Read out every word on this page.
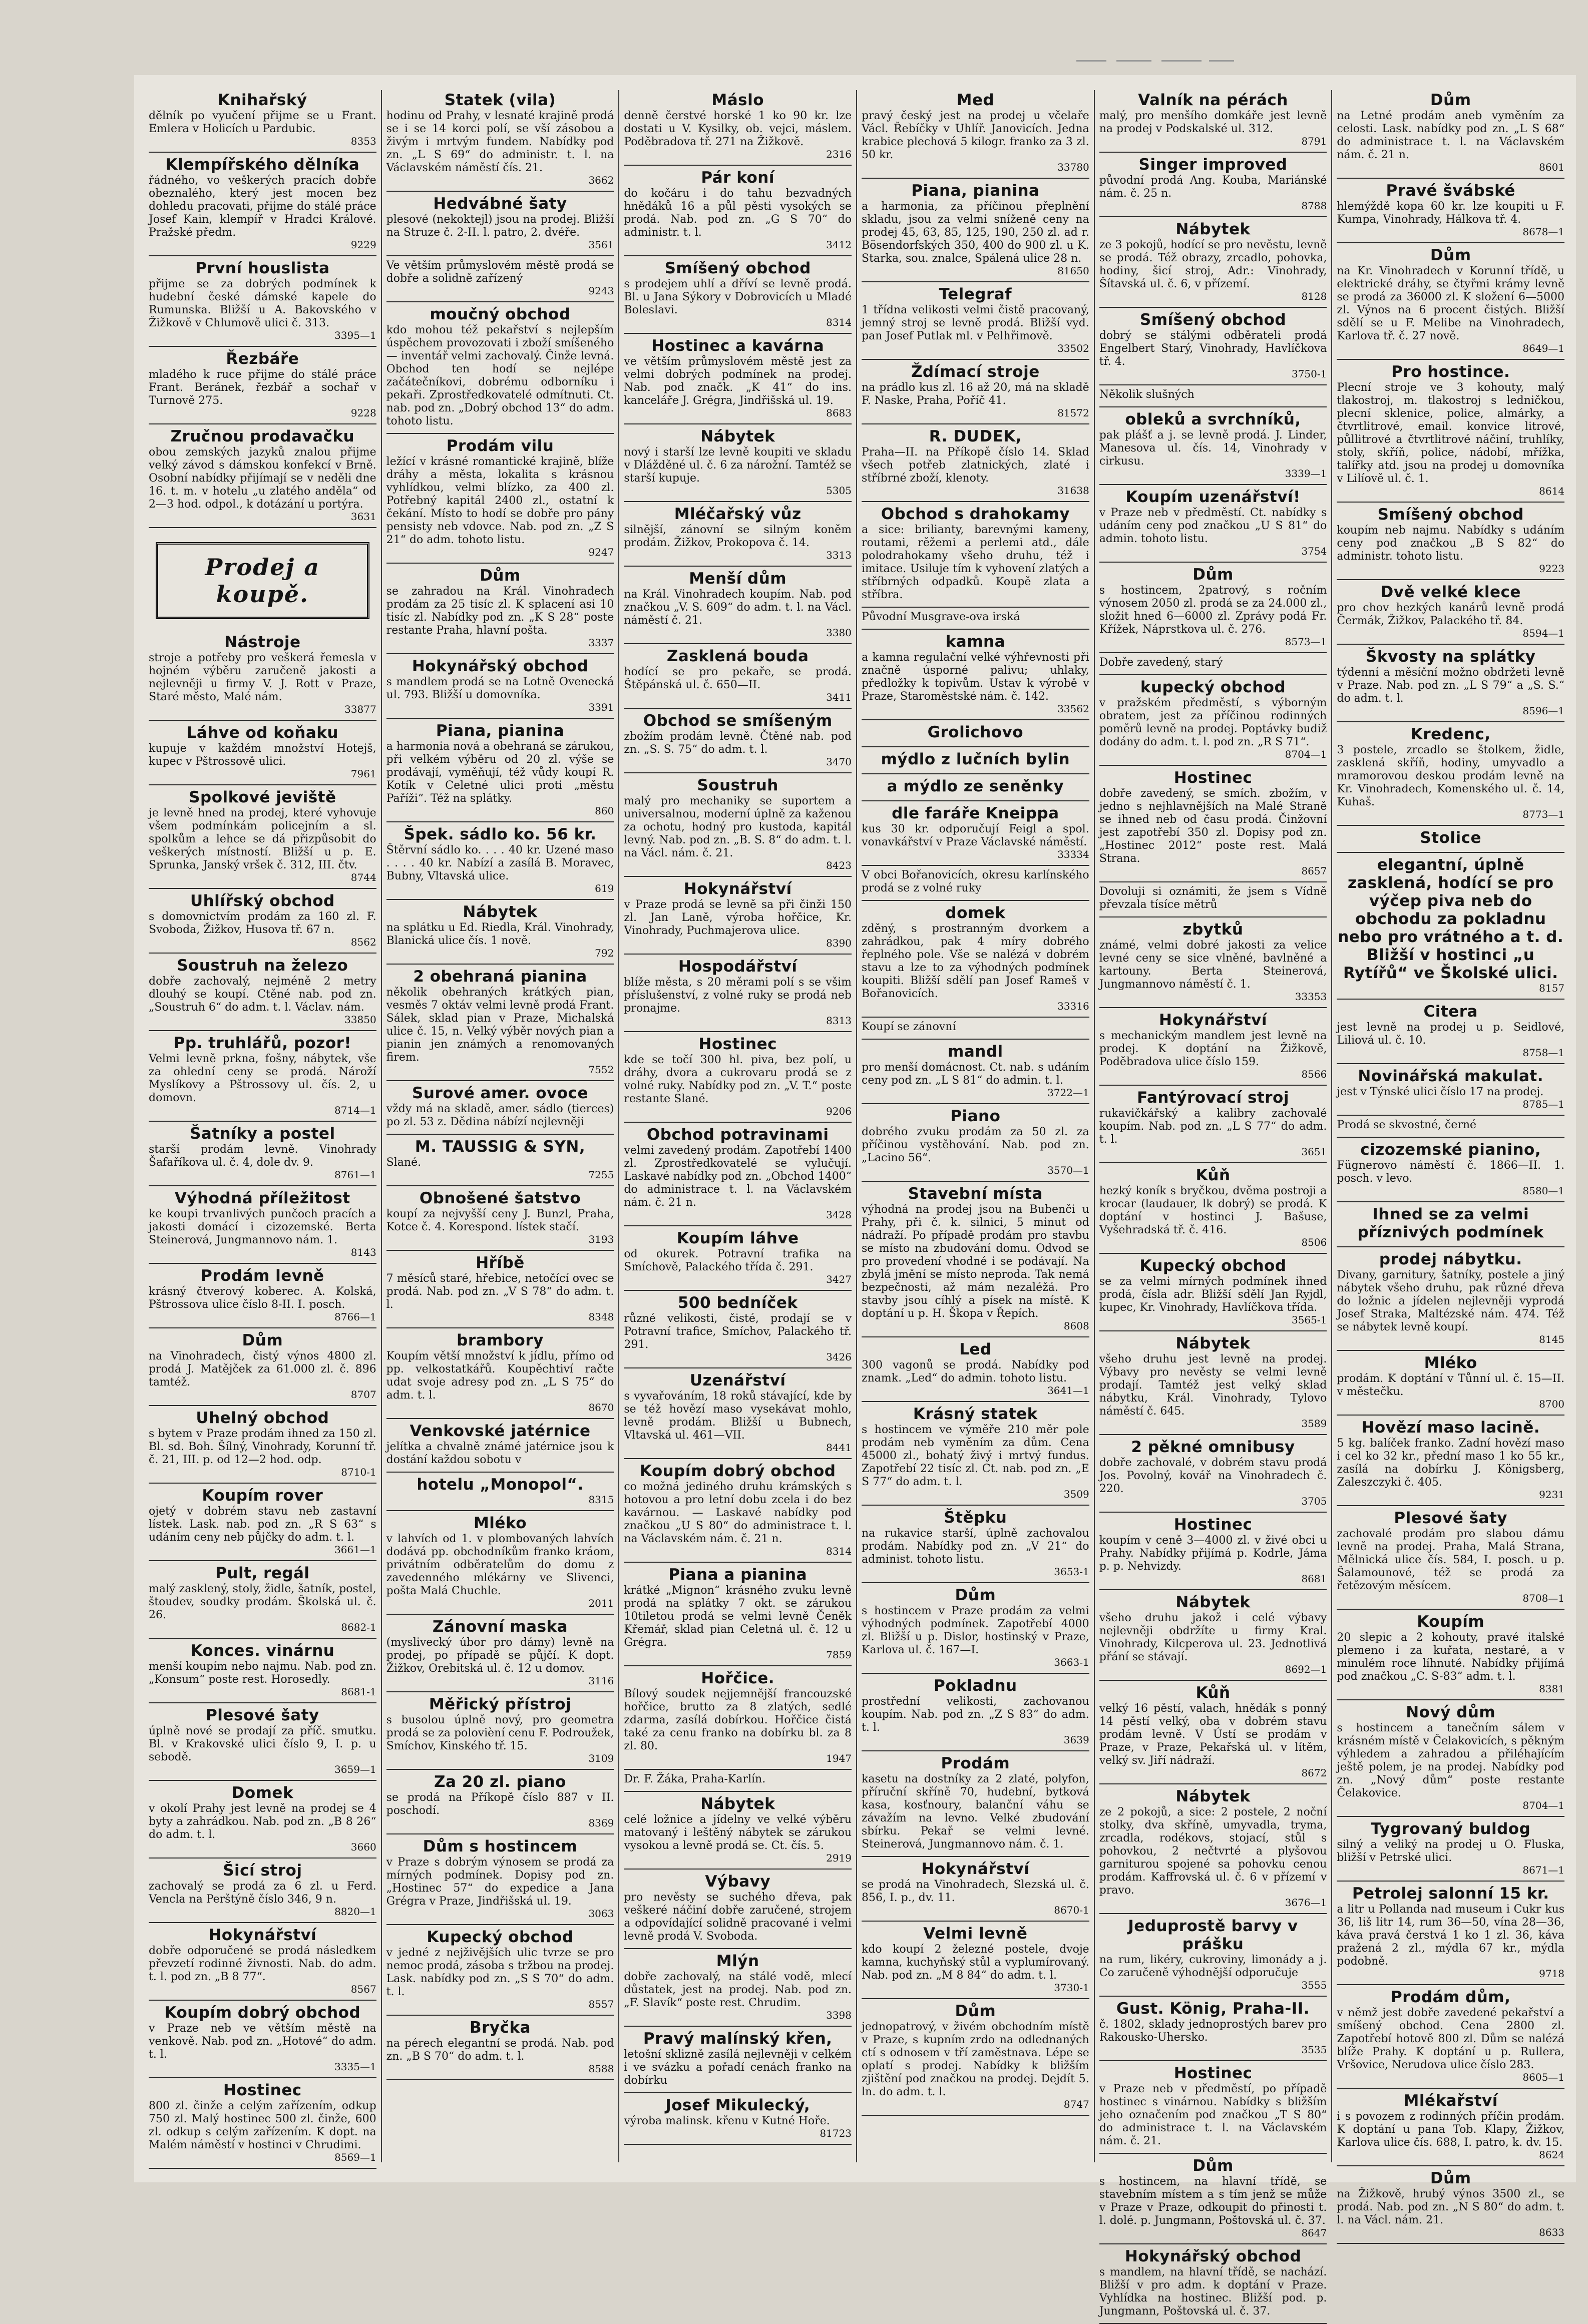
Knihařský
dělník po vyučení přijme se u Frant. Emlera v Holicích u Pardubic.
8353
Klempířského dělníka
řádného, vo veškerých pracích dobře obeznalého, který jest mocen bez dohledu pracovati, přijme do stálé práce Josef Kain, klempíř v Hradci Králové. Pražské předm.
9229
První houslista
přijme se za dobrých podmínek k hudební české dámské kapele do Rumunska. Bližší u A. Bakovského v Žižkově v Chlumově ulici č. 313.
3395—1
Řezbáře
mladého k ruce přijme do stálé práce Frant. Beránek, řezbář a sochař v Turnově 275.
9228
Zručnou prodavačku
obou zemských jazyků znalou přijme velký závod s dámskou konfekcí v Brně. Osobní nabídky přijímají se v neděli dne 16. t. m. v hotelu „u zlatého anděla“ od 2—3 hod. odpol., k dotázání u portýra.
3631
Prodej a koupě.
Nástroje
stroje a potřeby pro veškerá řemesla v hojném výběru zaručeně jakosti a nejlevněji u firmy V. J. Rott v Praze, Staré město, Malé nám.
33877
Láhve od koňaku
kupuje v každém množství Hotejš, kupec v Pštrossově ulici.
7961
Spolkové jeviště
je levně hned na prodej, které vyhovuje všem podmínkám policejním a sl. spolkům a lehce se dá přizpůsobit do veškerých místností. Bližší u p. E. Sprunka, Janský vršek č. 312, III. čtv.
8744
Uhlířský obchod
s domovnictvím prodám za 160 zl. F. Svoboda, Žižkov, Husova tř. 67 n.
8562
Soustruh na železo
dobře zachovalý, nejméně 2 metry dlouhý se koupí. Ctěné nab. pod zn. „Soustruh 6“ do adm. t. l. Václav. nám.
33850
Pp. truhlářů, pozor!
Velmi levně prkna, fošny, nábytek, vše za ohlední ceny se prodá. Nároží Myslíkovy a Pštrossovy ul. čís. 2, u domovn.
8714—1
Šatníky a postel
starší prodám levně. Vinohrady Šafaříkova ul. č. 4, dole dv. 9.
8761—1
Výhodná příležitost
ke koupi trvanlivých punčoch pracích a jakosti domácí i cizozemské. Berta Steinerová, Jungmannovo nám. 1.
8143
Prodám levně
krásný čtverový koberec. A. Kolská, Pštrossova ulice číslo 8-II. I. posch.
8766—1
Dům
na Vinohradech, čistý výnos 4800 zl. prodá J. Matějček za 61.000 zl. č. 896 tamtéž.
8707
Uhelný obchod
s bytem v Praze prodám ihned za 150 zl. Bl. sd. Boh. Šílný, Vinohrady, Korunní tř. č. 21, III. p. od 12—2 hod. odp.
8710-1
Koupím rover
ojetý v dobrém stavu neb zastavní lístek. Lask. nab. pod zn. „R S 63“ s udáním ceny neb půjčky do adm. t. l.
3661—1
Pult, regál
malý zasklený, stoly, židle, šatník, postel, štoudev, soudky prodám. Školská ul. č. 26.
8682-1
Konces. vinárnu
menší koupím nebo najmu. Nab. pod zn. „Konsum“ poste rest. Horosedly.
8681-1
Plesové šaty
úplně nové se prodají za příč. smutku. Bl. v Krakovské ulici číslo 9, I. p. u sebodě.
3659—1
Domek
v okolí Prahy jest levně na prodej se 4 byty a zahrádkou. Nab. pod zn. „B 8 26“ do adm. t. l.
3660
Šicí stroj
zachovalý se prodá za 6 zl. u Ferd. Vencla na Perštýně číslo 346, 9 n.
8820—1
Hokynářství
dobře odporučené se prodá následkem převzetí rodinné živnosti. Nab. do adm. t. l. pod zn. „B 8 77“.
8567
Koupím dobrý obchod
v Praze neb ve větším městě na venkově. Nab. pod zn. „Hotové“ do adm. t. l.
3335—1
Hostinec
800 zl. činže a celým zařízením, odkup 750 zl. Malý hostinec 500 zl. činže, 600 zl. odkup s celým zařízením. K dopt. na Malém náměstí v hostinci v Chrudimi.
8569—1
Statek (vila)
hodinu od Prahy, v lesnaté krajině prodá se i se 14 korci polí, se vší zásobou a živým i mrtvým fundem. Nabídky pod zn. „L S 69“ do administr. t. l. na Václavském náměstí čís. 21.
3662
Hedvábné šaty
plesové (nekoktejl) jsou na prodej. Bližší na Struze č. 2-II. l. patro, 2. dvéře.
3561
Ve větším průmyslovém městě prodá se dobře a solidně zařízený
9243
moučný obchod
kdo mohou též pekařství s nejlepším úspěchem provozovati i zboží smíšeného — inventář velmi zachovalý. Činže levná. Obchod ten hodí se nejlépe začátečníkovi, dobrému odborníku i pekaři. Zprostředkovatelé odmítnuti. Ct. nab. pod zn. „Dobrý obchod 13“ do adm. tohoto listu.
Prodám vilu
ležící v krásné romantické krajině, blíže dráhy a města, lokalita s krásnou vyhlídkou, velmi blízko, za 400 zl. Potřebný kapitál 2400 zl., ostatní k čekání. Místo to hodí se dobře pro pány pensisty neb vdovce. Nab. pod zn. „Z S 21“ do adm. tohoto listu.
9247
Dům
se zahradou na Král. Vinohradech prodám za 25 tisíc zl. K splacení asi 10 tisíc zl. Nabídky pod zn. „K S 28“ poste restante Praha, hlavní pošta.
3337
Hokynářský obchod
s mandlem prodá se na Lotně Ovenecká ul. 793. Bližší u domovníka.
3391
Piana, pianina
a harmonia nová a obehraná se zárukou, při velkém výběru od 20 zl. výše se prodávají, vyměňují, též vůdy koupí R. Kotík v Celetné ulici proti „městu Paříži“. Též na splátky.
860
Špek. sádlo ko. 56 kr.
Štěrvní sádlo ko. . . . 40 kr. Uzené maso . . . . 40 kr. Nabízí a zasílá B. Moravec, Bubny, Vltavská ulice.
619
Nábytek
na splátku u Ed. Riedla, Král. Vinohrady, Blanická ulice čís. 1 nově.
792
2 obehraná pianina
několik obehraných krátkých pian, vesměs 7 oktáv velmi levně prodá Frant. Sálek, sklad pian v Praze, Michalská ulice č. 15, n. Velký výběr nových pian a pianin jen známých a renomovaných firem.
7552
Surové amer. ovoce
vždy má na skladě, amer. sádlo (tierces) po zl. 53 z. Dědina nábízí nejlevněji
M. TAUSSIG & SYN,
Slané.
7255
Obnošené šatstvo
koupí za nejvyšší ceny J. Bunzl, Praha, Kotce č. 4. Korespond. lístek stačí.
3193
Hříbě
7 měsíců staré, hřebice, netočící ovec se prodá. Nab. pod zn. „V S 78“ do adm. t. l.
8348
brambory
Koupím větší množství k jídlu, přímo od pp. velkostatkářů. Koupěchtiví račte udat svoje adresy pod zn. „L S 75“ do adm. t. l.
8670
Venkovské jatérnice
jelítka a chvalně známé jatérnice jsou k dostání každou sobotu v
hotelu „Monopol“.
8315
Mléko
v lahvích od 1. v plombovaných lahvích dodává pp. obchodníkům franko kráom, privátním odběratelům do domu z zavedenného mlékárny ve Slivenci, pošta Malá Chuchle.
2011
Zánovní maska
(myslivecký úbor pro dámy) levně na prodej, po případě se půjčí. K dopt. Žižkov, Orebitská ul. č. 12 u domov.
3116
Měřický přístroj
s busolou úplně nový, pro geometra prodá se za polovièní cenu F. Podroužek, Smíchov, Kinského tř. 15.
3109
Za 20 zl. piano
se prodá na Příkopě číslo 887 v II. poschodí.
8369
Dům s hostincem
v Praze s dobrým výnosem se prodá za mírných podmínek. Dopisy pod zn. „Hostinec 57“ do expedice a Jana Grégra v Praze, Jindřišská ul. 19.
3063
Kupecký obchod
v jedné z nejživějších ulic tvrze se pro nemoc prodá, zásoba s tržbou na prodej. Lask. nabídky pod zn. „S S 70“ do adm. t. l.
8557
Bryčka
na pérech elegantní se prodá. Nab. pod zn. „B S 70“ do adm. t. l.
8588
Máslo
denně čerstvé horské 1 ko 90 kr. lze dostati u V. Kysilky, ob. vejci, máslem. Poděbradova tř. 271 na Žižkově.
2316
Pár koní
do kočáru i do tahu bezvadných hnědáků 16 a půl pěsti vysokých se prodá. Nab. pod zn. „G S 70“ do administr. t. l.
3412
Smíšený obchod
s prodejem uhlí a dříví se levně prodá. Bl. u Jana Sýkory v Dobrovicích u Mladé Boleslavi.
8314
Hostinec a kavárna
ve větším průmyslovém městě jest za velmi dobrých podmínek na prodej. Nab. pod značk. „K 41“ do ins. kanceláře J. Grégra, Jindřišská ul. 19.
8683
Nábytek
nový i starší lze levně koupiti ve skladu v Dlážděné ul. č. 6 za nárožní. Tamtéž se starší kupuje.
5305
Mléčařský vůz
silnější, zánovní se silným koněm prodám. Žižkov, Prokopova č. 14.
3313
Menší dům
na Král. Vinohradech koupím. Nab. pod značkou „V. S. 609“ do adm. t. l. na Václ. náměstí č. 21.
3380
Zasklená bouda
hodící se pro pekaře, se prodá. Štěpánská ul. č. 650—II.
3411
Obchod se smíšeným
zbožím prodám levně. Čtěné nab. pod zn. „S. S. 75“ do adm. t. l.
3470
Soustruh
malý pro mechaniky se suportem a universalnou, moderní úplně za kaženou za ochotu, hodný pro kustoda, kapitál levný. Nab. pod zn. „B. S. 8“ do adm. t. l. na Václ. nám. č. 21.
8423
Hokynářství
v Praze prodá se levně sa při činži 150 zl. Jan Laně, výroba hořčice, Kr. Vinohrady, Puchmajerova ulice.
8390
Hospodářství
blíže města, s 20 měrami polí s se všim příslušenství, z volné ruky se prodá neb pronajme.
8313
Hostinec
kde se točí 300 hl. piva, bez polí, u dráhy, dvora a cukrovaru prodá se z volné ruky. Nabídky pod zn. „V. T.“ poste restante Slané.
9206
Obchod potravinami
velmi zavedený prodám. Zapotřebí 1400 zl. Zprostředkovatelé se vylučují. Laskavé nabídky pod zn. „Obchod 1400“ do administrace t. l. na Václavském nám. č. 21 n.
3428
Koupím láhve
od okurek. Potravní trafika na Smíchově, Palackého třída č. 291.
3427
500 bedníček
různé velikosti, čisté, prodají se v Potravní trafice, Smíchov, Palackého tř. 291.
3426
Uzenářství
s vyvařováním, 18 roků stávající, kde by se též hovězí maso vysekávat mohlo, levně prodám. Bližší u Bubnech, Vltavská ul. 461—VII.
8441
Koupím dobrý obchod
co možná jediného druhu krámských s hotovou a pro letní dobu zcela i do bez kavárnou. — Laskavé nabídky pod značkou „U S 80“ do administrace t. l. na Václavském nám. č. 21 n.
8314
Piana a pianina
krátké „Mignon“ krásného zvuku levně prodá na splátky 7 okt. se zárukou 10tiletou prodá se velmi levně Čeněk Křemář, sklad pian Celetná ul. č. 12 u Grégra.
7859
Hořčice.
Bílový soudek nejjemnější francouzské hořčice, brutto za 8 zlatých, sedlé zdarma, zasílá dobírkou. Hořčice čistá také za cenu franko na dobírku bl. za 8 zl. 80.
1947
Dr. F. Žáka, Praha-Karlín.
Nábytek
celé ložnice a jídelny ve velké výběru matovaný i leštěný nábytek se zárukou vysokou a levně prodá se. Ct. čís. 5.
2919
Výbavy
pro nevěsty se suchého dřeva, pak veškeré náčiní dobře zaručené, strojem a odpovídající solidně pracované i velmi levně prodá V. Svoboda.
Mlýn
dobře zachovalý, na stálé vodě, mlecí důstatek, jest na prodej. Nab. pod zn. „F. Slavík“ poste rest. Chrudim.
3398
Pravý malínský křen,
letošní sklizně zasílá nejlevněji v celkém i ve svázku a pořadí cenách franko na dobírku
Josef Mikulecký,
výroba malinsk. křenu v Kutné Hoře.
81723
Med
pravý český jest na prodej u včelaře Václ. Řebíčky v Uhlíř. Janovicích. Jedna krabice plechová 5 kilogr. franko za 3 zl. 50 kr.
33780
Piana, pianina
a harmonia, za příčinou přeplnění skladu, jsou za velmi sníženě ceny na prodej 45, 63, 85, 125, 190, 250 zl. ad r. Bösendorfských 350, 400 do 900 zl. u K. Starka, sou. znalce, Spálená ulice 28 n.
81650
Telegraf
1 třídna velikosti velmi čistě pracovaný, jemný stroj se levně prodá. Bližší vyd. pan Josef Putlak ml. v Pelhřimově.
33502
Ždímací stroje
na prádlo kus zl. 16 až 20, má na skladě F. Naske, Praha, Poříč 41.
81572
R. DUDEK,
Praha—II. na Příkopě číslo 14. Sklad všech potřeb zlatnických, zlaté i stříbrné zboží, klenoty.
31638
Obchod s drahokamy
a sice: brilianty, barevnými kameny, routami, rěžemi a perlemi atd., dále polodrahokamy všeho druhu, též i imitace. Usiluje tím k vyhovení zlatých a stříbrných odpadků. Koupě zlata a stříbra.
Původní Musgrave-ova irská
kamna
a kamna regulační velké výhřevnosti při značně úsporné palivu; uhlaky, předložky k topivům. Ustav k výrobě v Praze, Staroměstské nám. č. 142.
33562
Grolichovo
mýdlo z lučních bylin
a mýdlo ze seněnky
dle faráře Kneippa
kus 30 kr. odporučují Feigl a spol. vonavkářství v Praze Václavské náměstí.
33334
V obci Bořanovicích, okresu karlínského prodá se z volné ruky
domek
zděný, s prostranným dvorkem a zahrádkou, pak 4 míry dobrého řeplného pole. Vše se nalézá v dobrém stavu a lze to za výhodných podmínek koupiti. Bližší sdělí pan Josef Rameš v Bořanovicích.
33316
Koupí se zánovní
mandl
pro menší domácnost. Ct. nab. s udáním ceny pod zn. „L S 81“ do admin. t. l.
3722—1
Piano
dobrého zvuku prodám za 50 zl. za příčinou vystěhování. Nab. pod zn. „Lacino 56“.
3570—1
Stavební místa
výhodná na prodej jsou na Bubenči u Prahy, při č. k. silnici, 5 minut od nádraží. Po případě prodám pro stavbu se místo na zbudování domu. Odvod se pro provedení vhodné i se podávají. Na zbylá jmění se místo neproda. Tak nemá bezpečnosti, až mám nezaléžá. Pro stavby jsou cíhlý a písek na místě. K doptání u p. H. Škopa v Řepích.
8608
Led
300 vagonů se prodá. Nabídky pod znamk. „Led“ do admin. tohoto listu.
3641—1
Krásný statek
s hostincem ve výměře 210 měr pole prodám neb vyměním za dům. Cena 45000 zl., bohatý živý i mrtvý fundus. Zapotřebí 22 tisíc zl. Ct. nab. pod zn. „E S 77“ do adm. t. l.
3509
Štěpku
na rukavice starší, úplně zachovalou prodám. Nabídky pod zn. „V 21“ do administ. tohoto listu.
3653-1
Dům
s hostincem v Praze prodám za velmi výhodných podmínek. Zapotřebí 4000 zl. Bližší u p. Dislor, hostinský v Praze, Karlova ul. č. 167—I.
3663-1
Pokladnu
prostřední velikosti, zachovanou koupím. Nab. pod zn. „Z S 83“ do adm. t. l.
3639
Prodám
kasetu na dostníky za 2 zlaté, polyfon, příruční skříně 70, hudební, bytková kasa, kosťnoury, balanční váhu se závažím na levno. Velké zbudování sbírku. Pekař se velmi levné. Steinerová, Jungmannovo nám. č. 1.
Hokynářství
se prodá na Vinohradech, Slezská ul. č. 856, I. p., dv. 11.
8670-1
Velmi levně
kdo koupí 2 železné postele, dvoje kamna, kuchyňský stůl a vyplumírovaný. Nab. pod zn. „M 8 84“ do adm. t. l.
3730-1
Dům
jednopatrový, v živém obchodním místě v Praze, s kupním zrdo na odlednaných ctí s odnosem v tří zaměstnava. Lépe se oplatí s prodej. Nabídky k bližším zjištění pod značkou na prodej. Dejdít 5. ln. do adm. t. l.
8747
Valník na pérách
malý, pro menšího domkáře jest levně na prodej v Podskalské ul. 312.
8791
Singer improved
původní prodá Ang. Kouba, Mariánské nám. č. 25 n.
8788
Nábytek
ze 3 pokojů, hodící se pro nevěstu, levně se prodá. Též obrazy, zrcadlo, pohovka, hodiny, šicí stroj, Adr.: Vinohrady, Šítavská ul. č. 6, v přízemí.
8128
Smíšený obchod
dobrý se stálými odběrateli prodá Engelbert Starý, Vinohrady, Havlíčkova tř. 4.
3750-1
Několik slušných
obleků a svrchníků,
pak plášť a j. se levně prodá. J. Linder, Manesova ul. čís. 14, Vinohrady v cirkusu.
3339—1
Koupím uzenářství!
v Praze neb v předměstí. Ct. nabídky s udáním ceny pod značkou „U S 81“ do admin. tohoto listu.
3754
Dům
s hostincem, 2patrový, s ročním výnosem 2050 zl. prodá se za 24.000 zl., složit hned 6—6000 zl. Zprávy podá Fr. Křížek, Náprstkova ul. č. 276.
8573—1
Dobře zavedený, starý
kupecký obchod
v pražském předměstí, s výborným obratem, jest za příčinou rodinných poměrů levně na prodej. Poptávky budiž dodány do adm. t. l. pod zn. „R S 71“.
8704—1
Hostinec
dobře zavedený, se smích. zbožím, v jedno s nejhlavnějších na Malé Straně se ihned neb od času prodá. Činžovní jest zapotřebí 350 zl. Dopisy pod zn. „Hostinec 2012“ poste rest. Malá Strana.
8657
Dovoluji si oznámiti, že jsem s Vídně převzala tísíce mětrů
zbytků
známé, velmi dobré jakosti za velice levné ceny se sice vlněné, bavlněné a kartouny. Berta Steinerová, Jungmannovo náměstí č. 1.
33353
Hokynářství
s mechanickým mandlem jest levně na prodej. K doptání na Žižkově, Poděbradova ulice číslo 159.
8566
Fantýrovací stroj
rukavičkářský a kalibry zachovalé koupím. Nab. pod zn. „L S 77“ do adm. t. l.
3651
Kůň
hezký koník s bryčkou, dvěma postroji a krocar (laudauer, lk dobrý) se prodá. K doptání v hostinci J. Bašuse, Vyšehradská tř. č. 416.
8506
Kupecký obchod
se za velmi mírných podmínek ihned prodá, čísla adr. Bližší sdělí Jan Ryjdl, kupec, Kr. Vinohrady, Havlíčkova třída.
3565-1
Nábytek
všeho druhu jest levně na prodej. Výbavy pro nevěsty se velmi levně prodají. Tamtéž jest velký sklad nábytku, Král. Vinohrady, Tylovo náměstí č. 645.
3589
2 pěkné omnibusy
dobře zachovalé, v dobrém stavu prodá Jos. Povolný, kovář na Vinohradech č. 220.
3705
Hostinec
koupím v ceně 3—4000 zl. v živé obci u Prahy. Nabídky přijímá p. Kodrle, Jáma p. p. Nehvizdy.
8681
Nábytek
všeho druhu jakož i celé výbavy nejlevněji obdržíte u firmy Kral. Vinohrady, Kilcperova ul. 23. Jednotlivá přání se stávají.
8692—1
Kůň
velký 16 pěstí, valach, hnědák s ponný 14 pěstí velký, oba v dobrém stavu prodám levně. V Ústí se prodám v Praze, v Praze, Pekařská ul. v lítěm, velký sv. Jiří nádraží.
8672
Nábytek
ze 2 pokojů, a sice: 2 postele, 2 noční stolky, dva skříně, umyvadla, tryma, zrcadla, rodékovs, stojací, stůl s pohovkou, 2 nečtvrté a plyšovou garniturou spojené sa pohovku cenou prodám. Kaffrovská ul. č. 6 v přízemí v pravo.
3676—1
Jeduprostě barvy v prášku
na rum, likéry, cukroviny, limonády a j. Co zaručeně výhodnější odporučuje
3555
Gust. König, Praha-II.
č. 1802, sklady jednoprostých barev pro Rakousko-Uhersko.
3535
Hostinec
v Praze neb v předměstí, po případě hostinec s vinárnou. Nabídky s bližším jeho označením pod značkou „T S 80“ do administrace t. l. na Václavském nám. č. 21.
Dům
s hostincem, na hlavní třídě, se stavebním místem a s tím jenž se může v Praze v Praze, odkoupit do přinosti t. l. dolé. p. Jungmann, Poštovská ul. č. 37.
8647
Hokynářský obchod
s mandlem, na hlavní třídě, se nachází. Bližší v pro adm. k doptání v Praze. Vyhlídka na hostinec. Bližší pod. p. Jungmann, Poštovská ul. č. 37.
Dům
na Letné prodám aneb vyměním za celosti. Lask. nabídky pod zn. „L S 68“ do administrace t. l. na Václavském nám. č. 21 n.
8601
Pravé švábské
hlemýždě kopa 60 kr. lze koupiti u F. Kumpa, Vinohrady, Hálkova tř. 4.
8678—1
Dům
na Kr. Vinohradech v Korunní třídě, u elektrické dráhy, se čtyřmi krámy levně se prodá za 36000 zl. K složení 6—5000 zl. Výnos na 6 procent čistých. Bližší sdělí se u F. Melibe na Vinohradech, Karlova tř. č. 27 nově.
8649—1
Pro hostince.
Plecní stroje ve 3 kohouty, malý tlakostroj, m. tlakostroj s ledničkou, plecní sklenice, police, almárky, a čtvrtlitrové, email. konvice litrové, půllitrové a čtvrtlitrové náčiní, truhlíky, stoly, skříň, police, nádobí, mřížka, talířky atd. jsou na prodej u domovníka v Lilíově ul. č. 1.
8614
Smíšený obchod
koupím neb najmu. Nabídky s udáním ceny pod značkou „B S 82“ do administr. tohoto listu.
9223
Dvě velké klece
pro chov hezkých kanárů levně prodá Čermák, Žižkov, Palackého tř. 84.
8594—1
Škvosty na splátky
týdenní a měsíční možno obdržeti levně v Praze. Nab. pod zn. „L S 79“ a „S. S.“ do adm. t. l.
8596—1
Kredenc,
3 postele, zrcadlo se štolkem, židle, zasklená skříň, hodiny, umyvadlo a mramorovou deskou prodám levně na Kr. Vinohradech, Komenského ul. č. 14, Kuhaš.
8773—1
Stolice
elegantní, úplně zasklená, hodící se pro výčep piva neb do obchodu za pokladnu nebo pro vrátného a t. d. Bližší v hostinci „u Rytířů“ ve Školské ulici.
8157
Citera
jest levně na prodej u p. Seidlové, Liliová ul. č. 10.
8758—1
Novinářská makulat.
jest v Týnské ulici číslo 17 na prodej.
8785—1
Prodá se skvostné, černé
cizozemské pianino,
Fügnerovo náměstí č. 1866—II. 1. posch. v levo.
8580—1
Ihned se za velmi příznivých podmínek
prodej nábytku.
Divany, garnitury, šatníky, postele a jiný nábytek všeho druhu, pak různé dřeva do ložnic a jídelen nejlevněji vyprodá Josef Straka, Maltézské nám. 474. Též se nábytek levně koupí.
8145
Mléko
prodám. K doptání v Tůnní ul. č. 15—II. v městečku.
8700
Hovězí maso lacině.
5 kg. balíček franko. Zadní hovězí maso i cel ko 32 kr., přední maso 1 ko 55 kr., zasílá na dobírku J. Königsberg, Zaleszczyki č. 405.
9231
Plesové šaty
zachovalé prodám pro slabou dámu levně na prodej. Praha, Malá Strana, Mělnická ulice čís. 584, I. posch. u p. Šalamounové, též se prodá za řetězovým měsícem.
8708—1
Koupím
20 slepic a 2 kohouty, pravé italské plemeno i za kuřata, nestaré, a v minulém roce líhnuté. Nabídky přijímá pod značkou „C. S-83“ adm. t. l.
8381
Nový dům
s hostincem a tanečním sálem v krásném místě v Čelakovicích, s pěkným výhledem a zahradou a přiléhajícím ještě polem, je na prodej. Nabídky pod zn. „Nový dům“ poste restante Čelakovice.
8704—1
Tygrovaný buldog
silný a veliký na prodej u O. Fluska, bližší v Petrské ulici.
8671—1
Petrolej salonní 15 kr.
a litr u Pollanda nad museum i Cukr kus 36, liš litr 14, rum 36—50, vína 28—36, káva pravá čerstvá 1 ko 1 zl. 36, káva pražená 2 zl., mýdla 67 kr., mýdla podobně.
9718
Prodám dům,
v němž jest dobře zavedené pekařství a smíšený obchod. Cena 2800 zl. Zapotřebí hotově 800 zl. Dům se nalézá blíže Prahy. K doptání u p. Rullera, Vršovice, Nerudova ulice číslo 283.
8605—1
Mlékařství
i s povozem z rodinných příčin prodám. K doptání u pana Tob. Klapy, Žižkov, Karlova ulice čís. 688, I. patro, k. dv. 15.
8624
Dům
na Žižkově, hrubý výnos 3500 zl., se prodá. Nab. pod zn. „N S 80“ do adm. t. l. na Václ. nám. 21.
8633
